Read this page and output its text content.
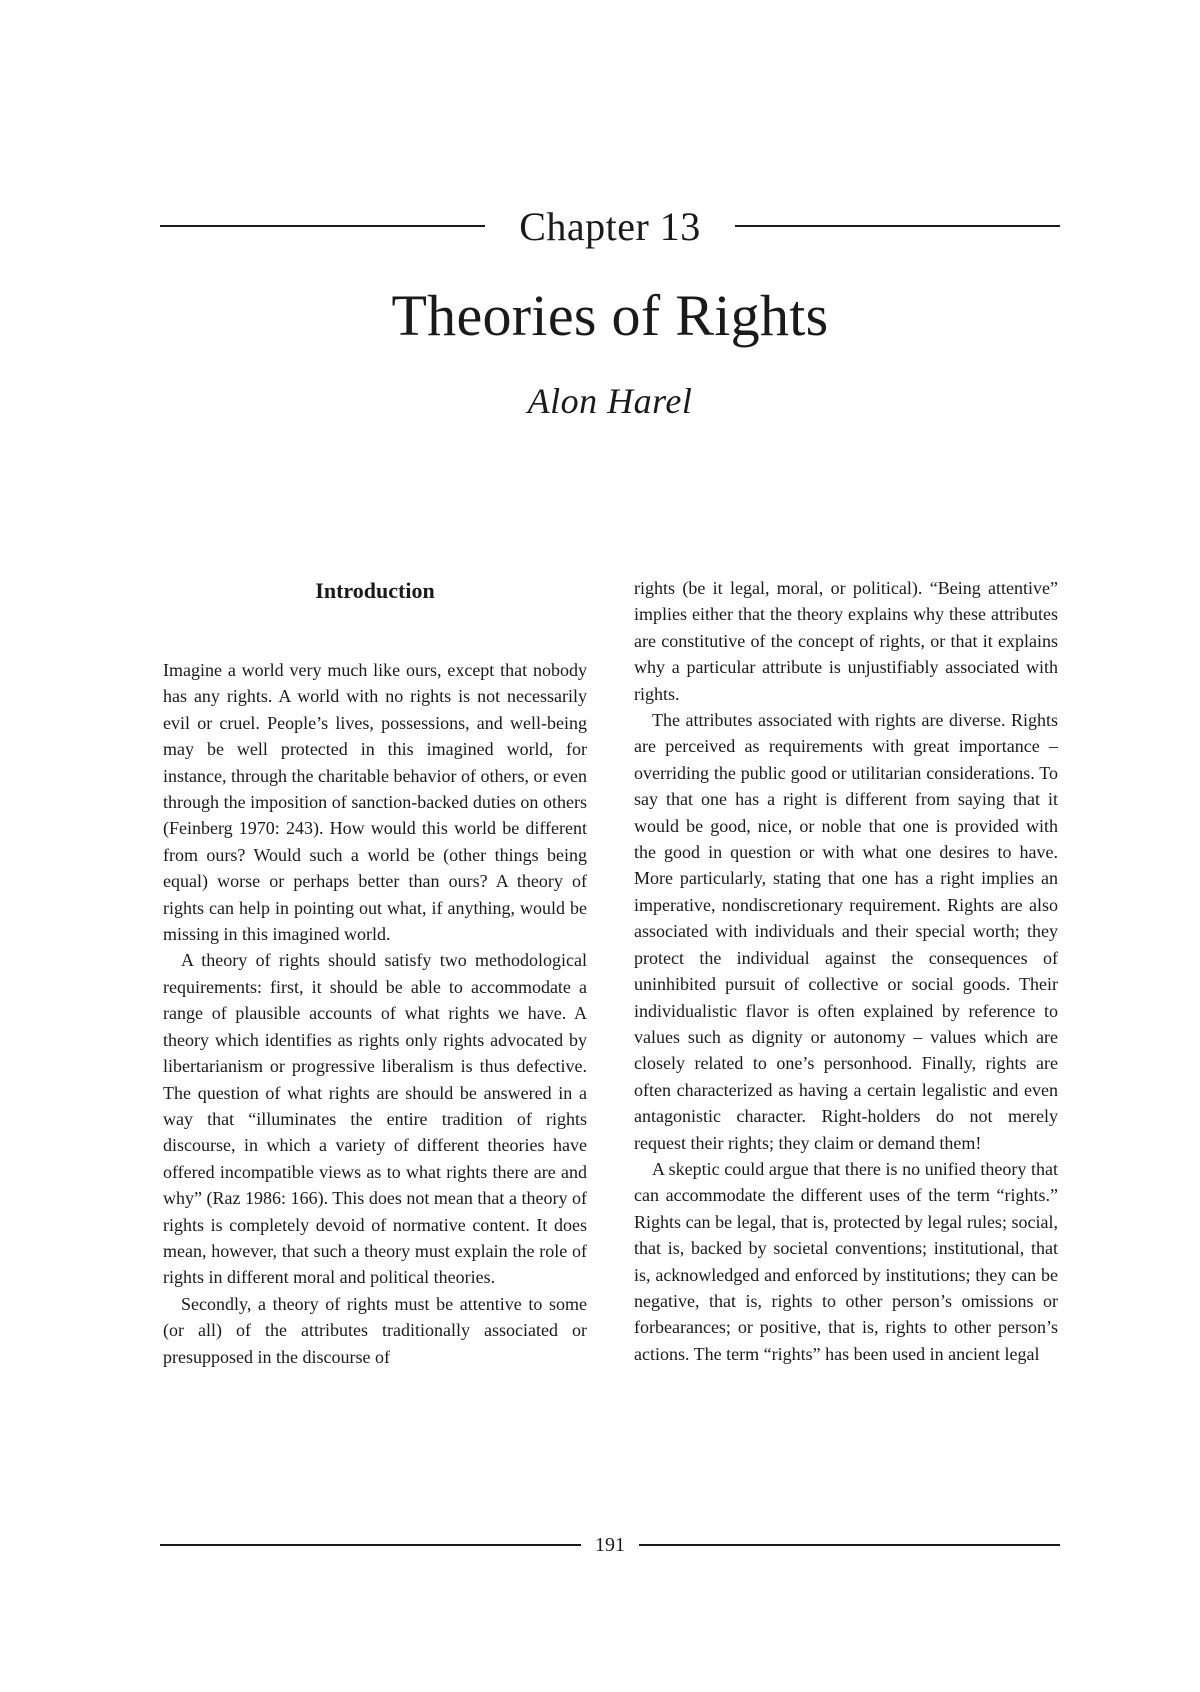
Chapter 13
Theories of Rights
Alon Harel
Introduction

Imagine a world very much like ours, except that nobody has any rights. A world with no rights is not necessarily evil or cruel. People’s lives, possessions, and well-being may be well protected in this imagined world, for instance, through the charitable behavior of others, or even through the imposition of sanction-backed duties on others (Feinberg 1970: 243). How would this world be different from ours? Would such a world be (other things being equal) worse or perhaps better than ours? A theory of rights can help in pointing out what, if anything, would be missing in this imagined world.

A theory of rights should satisfy two methodological requirements: first, it should be able to accommodate a range of plausible accounts of what rights we have. A theory which identifies as rights only rights advocated by libertarianism or progressive liberalism is thus defective. The question of what rights are should be answered in a way that “illuminates the entire tradition of rights discourse, in which a variety of different theories have offered incompatible views as to what rights there are and why” (Raz 1986: 166). This does not mean that a theory of rights is completely devoid of normative content. It does mean, however, that such a theory must explain the role of rights in different moral and political theories.

Secondly, a theory of rights must be attentive to some (or all) of the attributes traditionally associated or presupposed in the discourse of

rights (be it legal, moral, or political). “Being attentive” implies either that the theory explains why these attributes are constitutive of the concept of rights, or that it explains why a particular attribute is unjustifiably associated with rights.

The attributes associated with rights are diverse. Rights are perceived as requirements with great importance – overriding the public good or utilitarian considerations. To say that one has a right is different from saying that it would be good, nice, or noble that one is provided with the good in question or with what one desires to have. More particularly, stating that one has a right implies an imperative, nondiscretionary requirement. Rights are also associated with individuals and their special worth; they protect the individual against the consequences of uninhibited pursuit of collective or social goods. Their individualistic flavor is often explained by reference to values such as dignity or autonomy – values which are closely related to one’s personhood. Finally, rights are often characterized as having a certain legalistic and even antagonistic character. Right-holders do not merely request their rights; they claim or demand them!

A skeptic could argue that there is no unified theory that can accommodate the different uses of the term “rights.” Rights can be legal, that is, protected by legal rules; social, that is, backed by societal conventions; institutional, that is, acknowledged and enforced by institutions; they can be negative, that is, rights to other person’s omissions or forbearances; or positive, that is, rights to other person’s actions. The term “rights” has been used in ancient legal

191
